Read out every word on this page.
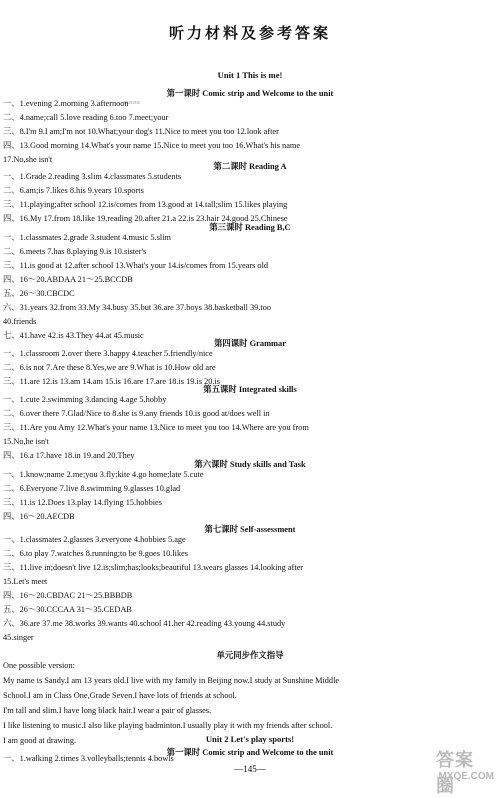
听力材料及参考答案
Unit 1 This is me!
08391930
第一课时 Comic strip and Welcome to the unit
一、1.evening 2.morning 3.afternoon
二、4.name;call 5.love reading 6.too 7.meet;your
三、8.I'm 9.I am;I'm not 10.What;your dog's 11.Nice to meet you too 12.look after
四、13.Good morning 14.What's your name 15.Nice to meet you too 16.What's his name
17.No,she isn't
第二课时 Reading A
一、1.Grade 2.reading 3.slim 4.classmates 5.students
二、6.am;is 7.likes 8.his 9.years 10.sports
三、11.playing;after school 12.is/comes from 13.good at 14.tall;slim 15.likes playing
四、16.My 17.from 18.like 19.reading 20.after 21.a 22.is 23.hair 24.good 25.Chinese
第三课时 Reading B,C
一、1.classmates 2.grade 3.student 4.music 5.slim
二、6.meets 7.has 8.playing 9.is 10.sister's
三、11.is good at 12.after school 13.What's your 14.is/comes from 15.years old
四、16～20.ABDAA 21～25.BCCDB
五、26～30.CBCDC
六、31.years 32.from 33.My 34.busy 35.but 36.are 37.boys 38.basketball 39.too
40.friends
七、41.have 42.is 43.They 44.at 45.music
第四课时 Grammar
一、1.classroom 2.over there 3.happy 4.teacher 5.friendly/nice
二、6.is not 7.Are these 8.Yes,we are 9.What is 10.How old are
三、11.are 12.is 13.am 14.am 15.is 16.are 17.are 18.is 19.is 20.is
第五课时 Integrated skills
一、1.cute 2.swimming 3.dancing 4.age 5.hobby
二、6.over there 7.Glad/Nice to 8.she is 9.any friends 10.is good at/does well in
三、11.Are you Amy 12.What's your name 13.Nice to meet you too 14.Where are you from
15.No,he isn't
四、16.a 17.have 18.in 19.and 20.They
第六课时 Study skills and Task
一、1.know;name 2.me;you 3.fly;kite 4.go home;late 5.cute
二、6.Everyone 7.live 8.swimming 9.glasses 10.glad
三、11.is 12.Does 13.play 14.flying 15.hobbies
四、16～20.AECDB
第七课时 Self-assessment
一、1.classmates 2.glasses 3.everyone 4.hobbies 5.age
二、6.to play 7.watches 8.running;to be 9.goes 10.likes
三、11.live in;doesn't live 12.is;slim;has;looks;beautiful 13.wears glasses 14.looking after
15.Let's meet
四、16～20.CBDAC 21～25.BBBDB
五、26～30.CCCAA 31～35.CEDAB
六、36.are 37.me 38.works 39.wants 40.school 41.her 42.reading 43.young 44.study
45.singer
单元同步作文指导
One possible version:
My name is Sandy.I am 13 years old.I live with my family in Beijing now.I study at Sunshine Middle
School.I am in Class One,Grade Seven.I have lots of friends at school.
I'm tall and slim.I have long black hair.I wear a pair of glasses.
I like listening to music.I also like playing badminton.I usually play it with my friends after school.
I am good at drawing.	Unit 2 Let's play sports!
第一课时 Comic strip and Welcome to the unit
一、1.walking 2.times 3.volleyballs;tennis 4.bowls
—145—	答案圈
MXQE.COM
